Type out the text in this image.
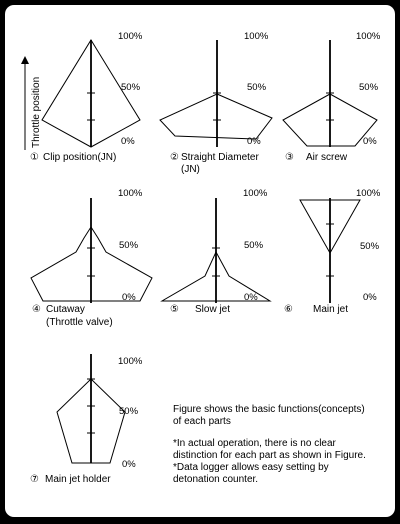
Throttle position
100%
50%
0%
① Clip position(JN)
100%
50%
0%
② Straight Diameter
(JN)
100%
50%
0%
③ Air screw
100%
50%
0%
④ Cutaway
(Throttle valve)
100%
50%
0%
⑤ Slow jet
100%
50%
0%
⑥ Main jet
100%
50%
0%
⑦ Main jet holder
Figure shows the basic functions(concepts)
of each parts
*In actual operation, there is no clear
distinction for each part as shown in Figure.
*Data logger allows easy setting by
detonation counter.
